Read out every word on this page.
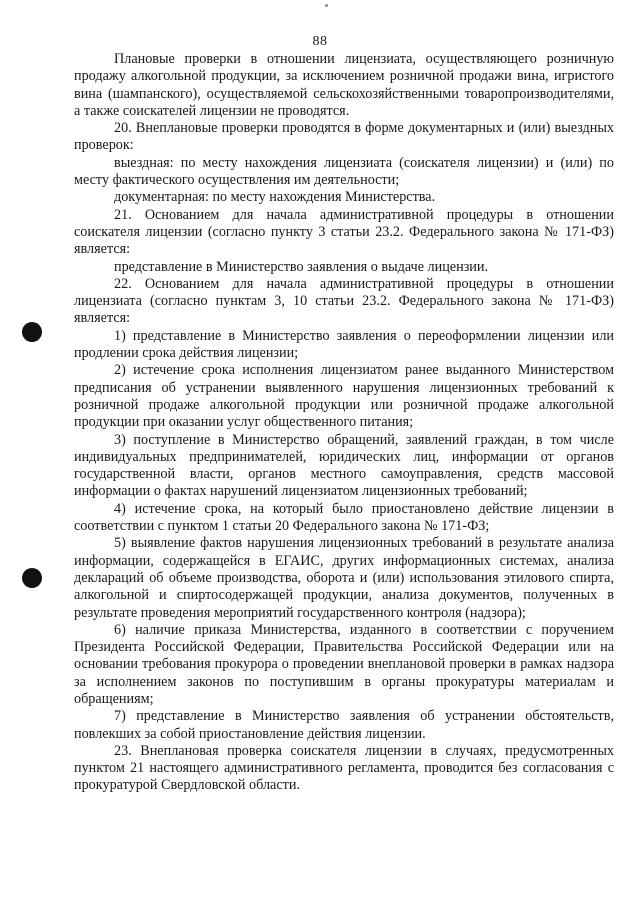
88

Плановые проверки в отношении лицензиата, осуществляющего розничную продажу алкогольной продукции, за исключением розничной продажи вина, игристого вина (шампанского), осуществляемой сельскохозяйственными товаропроизводителями, а также соискателей лицензии не проводятся.

20. Внеплановые проверки проводятся в форме документарных и (или) выездных проверок:

выездная: по месту нахождения лицензиата (соискателя лицензии) и (или) по месту фактического осуществления им деятельности;

документарная: по месту нахождения Министерства.

21. Основанием для начала административной процедуры в отношении соискателя лицензии (согласно пункту 3 статьи 23.2. Федерального закона № 171-ФЗ) является:

представление в Министерство заявления о выдаче лицензии.

22. Основанием для начала административной процедуры в отношении лицензиата (согласно пунктам 3, 10 статьи 23.2. Федерального закона № 171-ФЗ) является:

1) представление в Министерство заявления о переоформлении лицензии или продлении срока действия лицензии;

2) истечение срока исполнения лицензиатом ранее выданного Министерством предписания об устранении выявленного нарушения лицензионных требований к розничной продаже алкогольной продукции или розничной продаже алкогольной продукции при оказании услуг общественного питания;

3) поступление в Министерство обращений, заявлений граждан, в том числе индивидуальных предпринимателей, юридических лиц, информации от органов государственной власти, органов местного самоуправления, средств массовой информации о фактах нарушений лицензиатом лицензионных требований;

4) истечение срока, на который было приостановлено действие лицензии в соответствии с пунктом 1 статьи 20 Федерального закона № 171-ФЗ;

5) выявление фактов нарушения лицензионных требований в результате анализа информации, содержащейся в ЕГАИС, других информационных системах, анализа деклараций об объеме производства, оборота и (или) использования этилового спирта, алкогольной и спиртосодержащей продукции, анализа документов, полученных в результате проведения мероприятий государственного контроля (надзора);

6) наличие приказа Министерства, изданного в соответствии с поручением Президента Российской Федерации, Правительства Российской Федерации или на основании требования прокурора о проведении внеплановой проверки в рамках надзора за исполнением законов по поступившим в органы прокуратуры материалам и обращениям;

7) представление в Министерство заявления об устранении обстоятельств, повлекших за собой приостановление действия лицензии.

23. Внеплановая проверка соискателя лицензии в случаях, предусмотренных пунктом 21 настоящего административного регламента, проводится без согласования с прокуратурой Свердловской области.
